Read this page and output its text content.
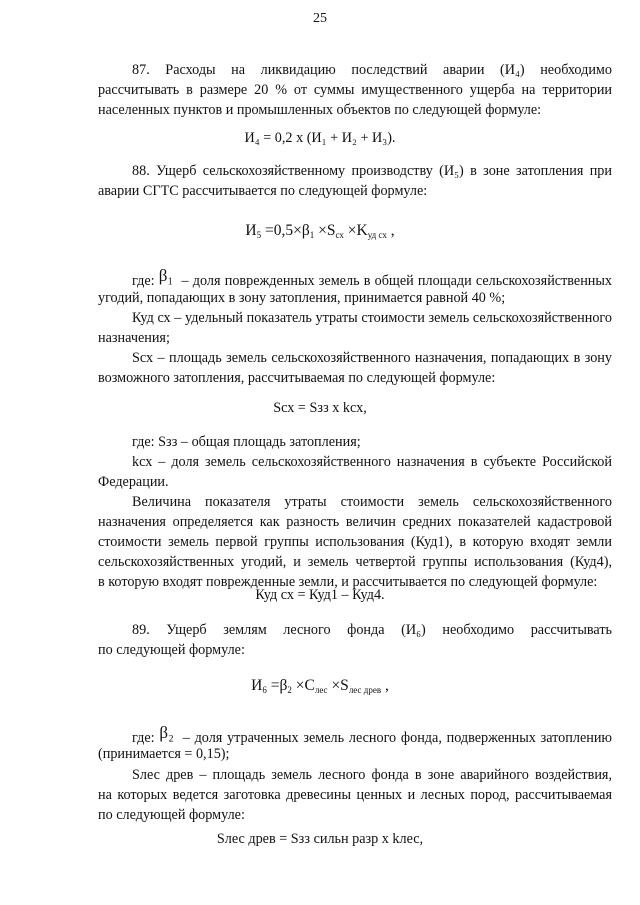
25
87. Расходы на ликвидацию последствий аварии (И₄) необходимо
рассчитывать в размере 20 % от суммы имущественного ущерба на территории
населенных пунктов и промышленных объектов по следующей формуле:
И₄ = 0,2 х (И₁ + И₂ + И₃).
88. Ущерб сельскохозяйственному производству (И₅) в зоне затопления при
аварии СГТС рассчитывается по следующей формуле:
$И_5 =0,5\times\beta_1 \times S_{сх} \times K_{уд сх}$ ,
где: β₁ – доля поврежденных земель в общей площади сельскохозяйственных
угодий, попадающих в зону затопления, принимается равной 40 %;
Куд сх – удельный показатель утраты стоимости земель сельскохозяйственного
назначения;
Sсх – площадь земель сельскохозяйственного назначения, попадающих в зону
возможного затопления, рассчитываемая по следующей формуле:
Sсх = Sзз х kсх,
где: Sзз – общая площадь затопления;
kсх – доля земель сельскохозяйственного назначения в субъекте Российской
Федерации.
Величина показателя утраты стоимости земель сельскохозяйственного
назначения определяется как разность величин средних показателей кадастровой
стоимости земель первой группы использования (Куд1), в которую входят земли
сельскохозяйственных угодий, и земель четвертой группы использования (Куд4),
в которую входят поврежденные земли, и рассчитывается по следующей формуле:
Куд сх = Куд1 – Куд4.
89. Ущерб землям лесного фонда (И₆) необходимо рассчитывать
по следующей формуле:
$И_6 =\beta_2 \times C_{лес} \times S_{лес древ}$ ,
где: β₂ – доля утраченных земель лесного фонда, подверженных затоплению
(принимается = 0,15);
Sлес древ – площадь земель лесного фонда в зоне аварийного воздействия,
на которых ведется заготовка древесины ценных и лесных пород, рассчитываемая
по следующей формуле:
Sлес древ = Sзз сильн разр х kлес,
